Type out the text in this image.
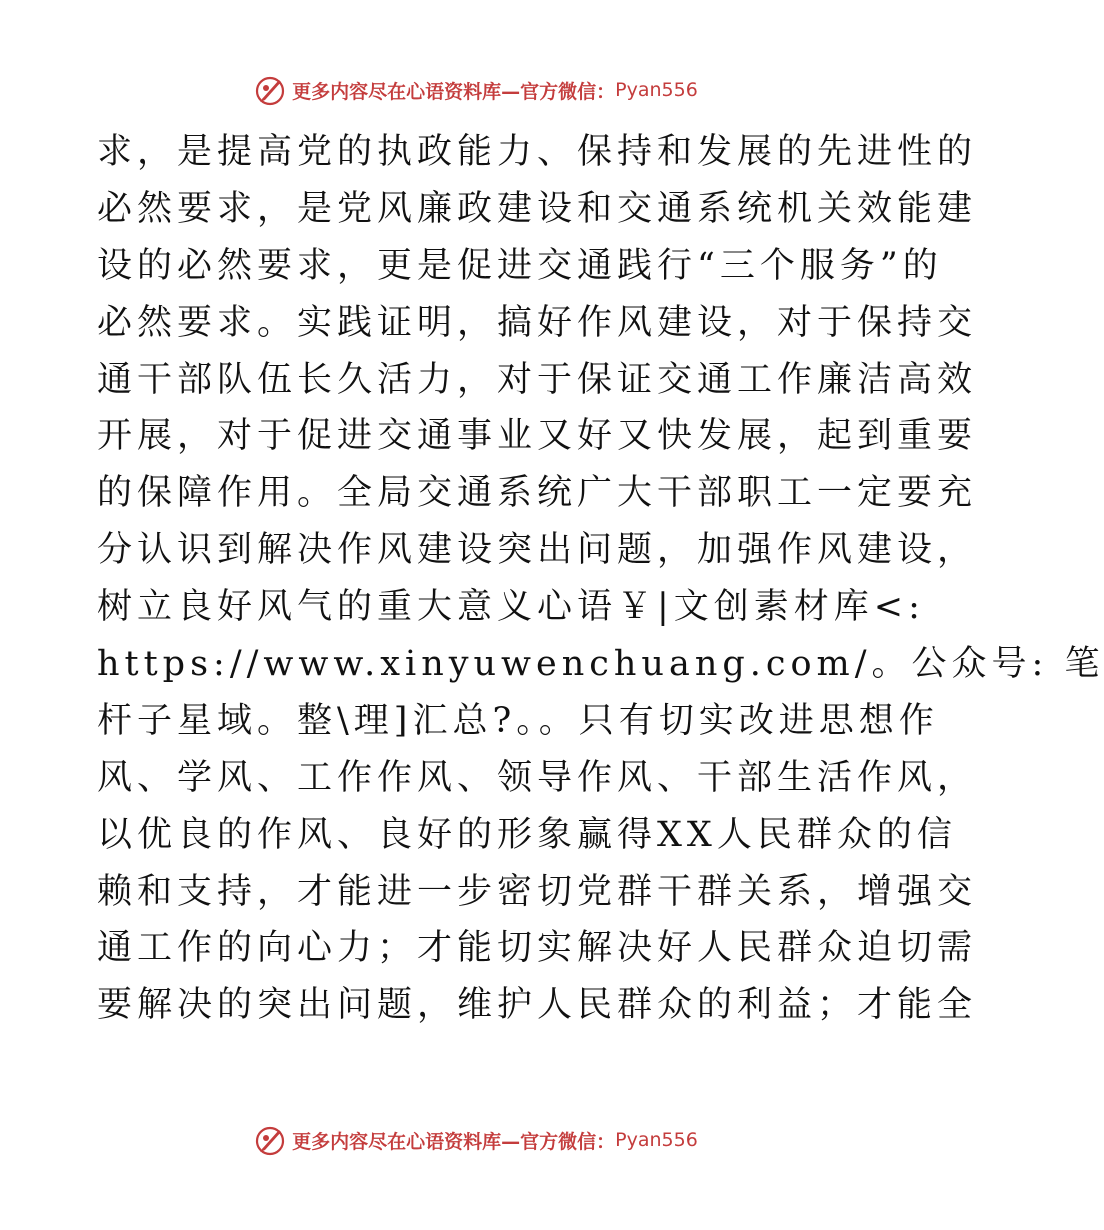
更多内容尽在心语资料库—官方微信： Pyan556
求，是提高党的执政能力、保持和发展的先进性的
必然要求，是党风廉政建设和交通系统机关效能建
设的必然要求，更是促进交通践行“三个服务”的
必然要求。实践证明，搞好作风建设，对于保持交
通干部队伍长久活力，对于保证交通工作廉洁高效
开展，对于促进交通事业又好又快发展，起到重要
的保障作用。全局交通系统广大干部职工一定要充
分认识到解决作风建设突出问题，加强作风建设，
树立良好风气的重大意义心语￥|文创素材库<:
https://www.xinyuwenchuang.com/。公众号: 笔
杆子星域。整\理]汇总?。。只有切实改进思想作
风、学风、工作作风、领导作风、干部生活作风，
以优良的作风、良好的形象赢得XX人民群众的信
赖和支持，才能进一步密切党群干群关系，增强交
通工作的向心力；才能切实解决好人民群众迫切需
要解决的突出问题，维护人民群众的利益；才能全
更多内容尽在心语资料库—官方微信： Pyan556
